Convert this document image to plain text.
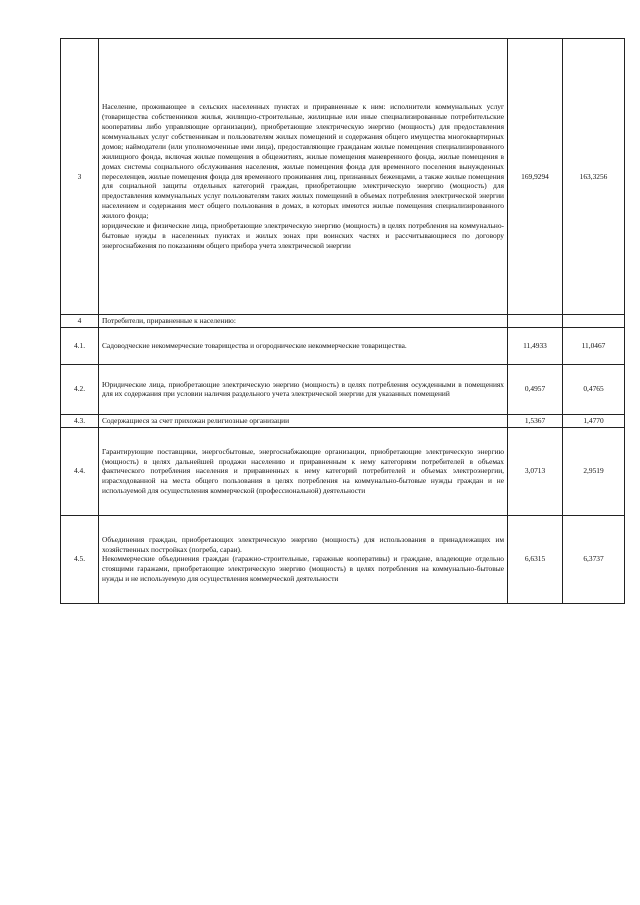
3	Население, проживающее в сельских населенных пунктах и приравненные к ним: исполнители коммунальных услуг (товарищества собственников жилья, жилищно-строительные, жилищные или иные специализированные потребительские кооперативы либо управляющие организации), приобретающие электрическую энергию (мощность) для предоставления коммунальных услуг собственникам и пользователям жилых помещений и содержания общего имущества многоквартирных домов; наймодатели (или уполномоченные ими лица), предоставляющие гражданам жилые помещения специализированного жилищного фонда, включая жилые помещения в общежитиях, жилые помещения маневренного фонда, жилые помещения в домах системы социального обслуживания населения, жилые помещения фонда для временного поселения вынужденных переселенцев, жилые помещения фонда для временного проживания лиц, признанных беженцами, а также жилые помещения для социальной защиты отдельных категорий граждан, приобретающие электрическую энергию (мощность) для предоставления коммунальных услуг пользователям таких жилых помещений в объемах потребления электрической энергии населением и содержания мест общего пользования в домах, в которых имеются жилые помещения специализированного жилого фонда;
юридические и физические лица, приобретающие электрическую энергию (мощность) в целях потребления на коммунально-бытовые нужды в населенных пунктах и жилых зонах при воинских частях и рассчитывающиеся по договору энергоснабжения по показаниям общего прибора учета электрической энергии	169,9294	163,3256
4	Потребители, приравненные к населению:		

4.1.	Садоводческие некоммерческие товарищества и огороднические некоммерческие товарищества.	11,4933	11,0467
4.2.	Юридические лица, приобретающие электрическую энергию (мощность) в целях потребления осужденными в помещениях для их содержания при условии наличия раздельного учета электрической энергии для указанных помещений	0,4957	0,4765
4.3.	Содержащиеся за счет прихожан религиозные организации	1,5367	1,4770
4.4.	Гарантирующие поставщики, энергосбытовые, энергоснабжающие организации, приобретающие электрическую энергию (мощность) в целях дальнейшей продажи населению и приравненным к нему категориям потребителей в объемах фактического потребления населения и приравненных к нему категорий потребителей и объемах электроэнергии, израсходованной на места общего пользования в целях потребления на коммунально-бытовые нужды граждан и не используемой для осуществления коммерческой (профессиональной) деятельности	3,0713	2,9519
4.5.	Объединения граждан, приобретающих электрическую энергию (мощность) для использования в принадлежащих им хозяйственных постройках (погреба, сараи).
Некоммерческие объединения граждан (гаражно-строительные, гаражные кооперативы) и граждане, владеющие отдельно стоящими гаражами, приобретающие электрическую энергию (мощность) в целях потребления на коммунально-бытовые нужды и не используемую для осуществления коммерческой деятельности	6,6315	6,3737
